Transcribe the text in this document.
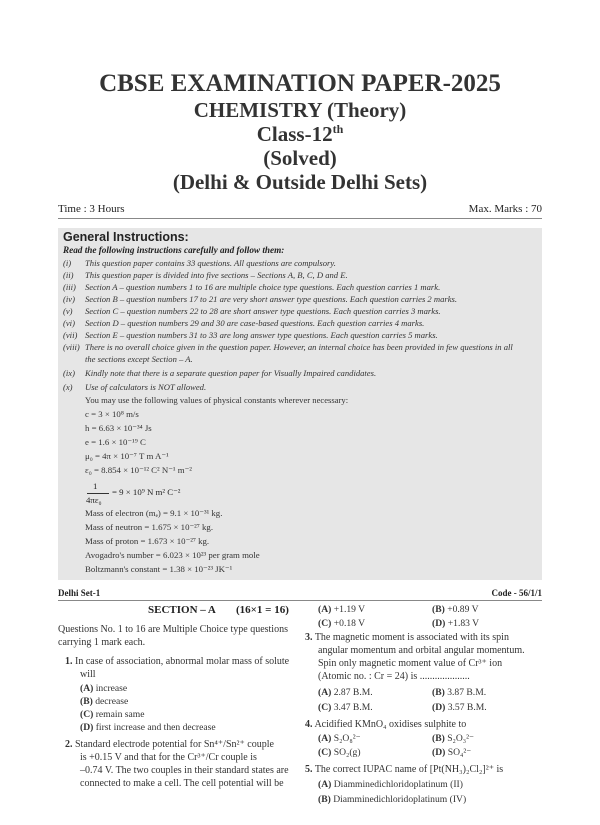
CBSE EXAMINATION PAPER-2025
CHEMISTRY (Theory)
Class-12th
(Solved)
(Delhi & Outside Delhi Sets)
Time : 3 Hours	Max. Marks : 70
General Instructions:
Read the following instructions carefully and follow them:
(i) This question paper contains 33 questions. All questions are compulsory.
(ii) This question paper is divided into five sections – Sections A, B, C, D and E.
(iii) Section A – question numbers 1 to 16 are multiple choice type questions. Each question carries 1 mark.
(iv) Section B – question numbers 17 to 21 are very short answer type questions. Each question carries 2 marks.
(v) Section C – question numbers 22 to 28 are short answer type questions. Each question carries 3 marks.
(vi) Section D – question numbers 29 and 30 are case-based questions. Each question carries 4 marks.
(vii) Section E – question numbers 31 to 33 are long answer type questions. Each question carries 5 marks.
(viii) There is no overall choice given in the question paper. However, an internal choice has been provided in few questions in all
the sections except Section – A.
(ix) Kindly note that there is a separate question paper for Visually Impaired candidates.
(x) Use of calculators is NOT allowed.
You may use the following values of physical constants wherever necessary:
c = 3 × 10⁸ m/s
h = 6.63 × 10⁻³⁴ Js
e = 1.6 × 10⁻¹⁹ C
μ₀ = 4π × 10⁻⁷ T m A⁻¹
ε₀ = 8.854 × 10⁻¹² C² N⁻¹ m⁻²
1
4πε₀
= 9 × 10⁹ N m² C⁻²
Mass of electron (mₑ) = 9.1 × 10⁻³¹ kg.
Mass of neutron = 1.675 × 10⁻²⁷ kg.
Mass of proton = 1.673 × 10⁻²⁷ kg.
Avogadro's number = 6.023 × 10²³ per gram mole
Boltzmann's constant = 1.38 × 10⁻²³ JK⁻¹
Delhi Set-1	Code - 56/1/1
SECTION – A (16×1 = 16)
Questions No. 1 to 16 are Multiple Choice type questions
carrying 1 mark each.
1. In case of association, abnormal molar mass of solute
will
(A) increase
(B) decrease
(C) remain same
(D) first increase and then decrease
2. Standard electrode potential for Sn⁴⁺/Sn²⁺ couple
is +0.15 V and that for the Cr³⁺/Cr couple is
–0.74 V. The two couples in their standard states are
connected to make a cell. The cell potential will be
(A) +1.19 V	(B) +0.89 V
(C) +0.18 V	(D) +1.83 V
3. The magnetic moment is associated with its spin
angular momentum and orbital angular momentum.
Spin only magnetic moment value of Cr³⁺ ion
(Atomic no. : Cr = 24) is ....................
(A) 2.87 B.M.	(B) 3.87 B.M.
(C) 3.47 B.M.	(D) 3.57 B.M.
4. Acidified KMnO₄ oxidises sulphite to
(A) S₂O₈²⁻	(B) S₂O₃²⁻
(C) SO₂(g)	(D) SO₄²⁻
5. The correct IUPAC name of [Pt(NH₃)₂Cl₂]²⁺ is
(A) Diamminedichloridoplatinum (II)
(B) Diamminedichloridoplatinum (IV)
